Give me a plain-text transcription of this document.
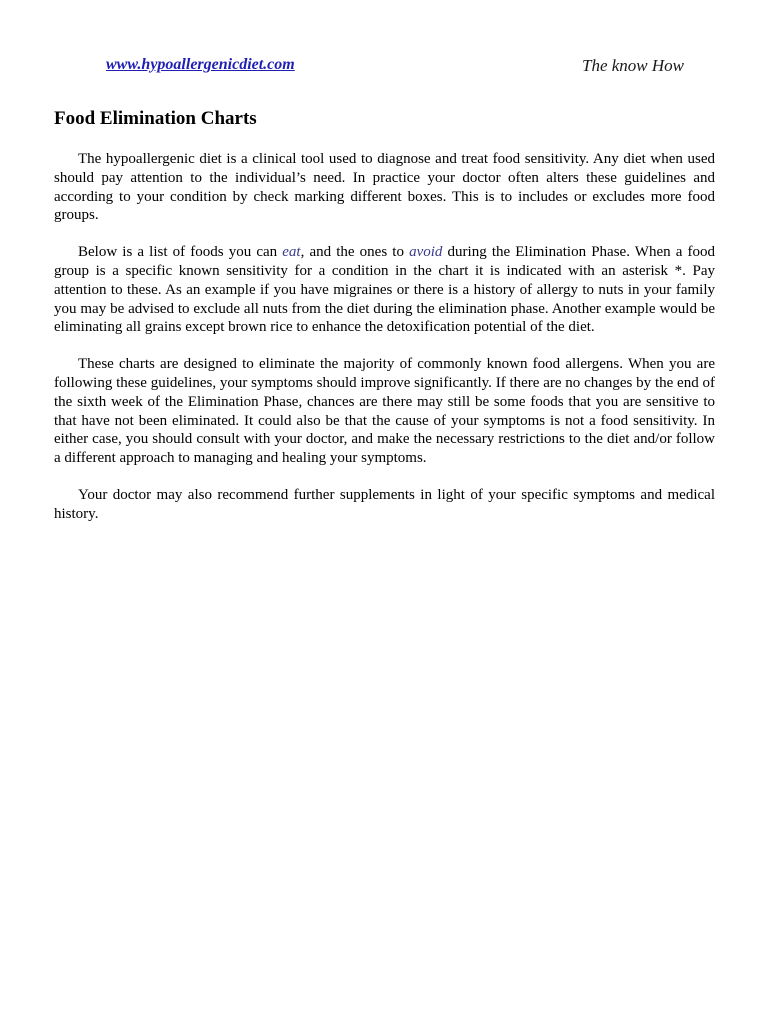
www.hypoallergenicdiet.com	The know How
Food Elimination Charts

The hypoallergenic diet is a clinical tool used to diagnose and treat food sensitivity. Any diet when used should pay attention to the individual’s need. In practice your doctor often alters these guidelines and according to your condition by check marking different boxes. This is to includes or excludes more food groups.

Below is a list of foods you can eat, and the ones to avoid during the Elimination Phase. When a food group is a specific known sensitivity for a condition in the chart it is indicated with an asterisk *. Pay attention to these. As an example if you have migraines or there is a history of allergy to nuts in your family you may be advised to exclude all nuts from the diet during the elimination phase. Another example would be eliminating all grains except brown rice to enhance the detoxification potential of the diet.

These charts are designed to eliminate the majority of commonly known food allergens. When you are following these guidelines, your symptoms should improve significantly. If there are no changes by the end of the sixth week of the Elimination Phase, chances are there may still be some foods that you are sensitive to that have not been eliminated. It could also be that the cause of your symptoms is not a food sensitivity. In either case, you should consult with your doctor, and make the necessary restrictions to the diet and/or follow a different approach to managing and healing your symptoms.

Your doctor may also recommend further supplements in light of your specific symptoms and medical history.
